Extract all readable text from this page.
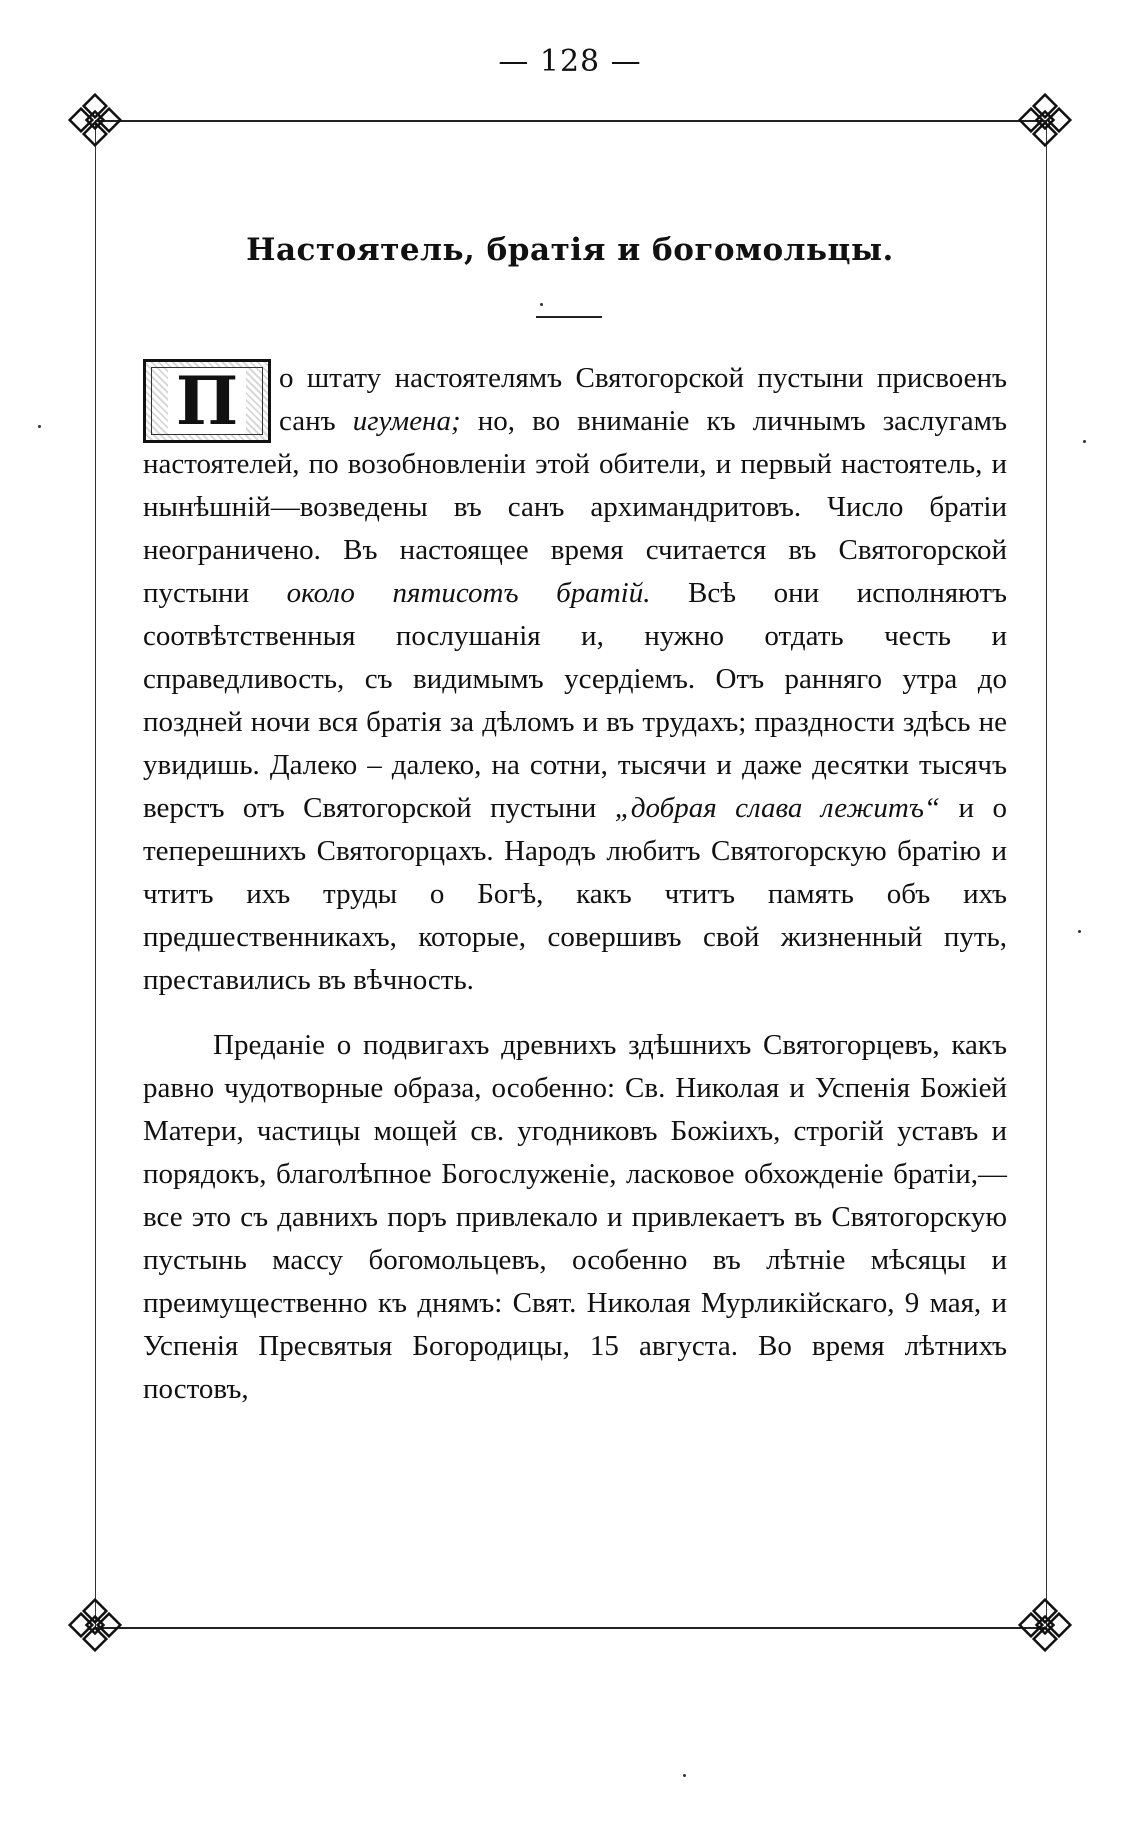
— 128 —
Настоятель, братія и богомольцы.

П о штату настоятелямъ Святогорской пустыни присвоенъ санъ игумена; но, во вниманіе къ личнымъ заслугамъ настоятелей, по возобновленіи этой обители, и первый настоятель, и нынѣшній—возведены въ санъ архимандритовъ. Число братіи неограничено. Въ настоящее время считается въ Святогорской пустыни около пятисотъ братій. Всѣ они исполняютъ соотвѣтственныя послушанія и, нужно отдать честь и справедливость, съ видимымъ усердіемъ. Отъ ранняго утра до поздней ночи вся братія за дѣломъ и въ трудахъ; праздности здѣсь не увидишь. Далеко – далеко, на сотни, тысячи и даже десятки тысячъ верстъ отъ Святогорской пустыни „добрая слава лежитъ“ и о теперешнихъ Святогорцахъ. Народъ любитъ Святогорскую братію и чтитъ ихъ труды о Богѣ, какъ чтитъ память объ ихъ предшественникахъ, которые, совершивъ свой жизненный путь, преставились въ вѣчность.

Преданіе о подвигахъ древнихъ здѣшнихъ Святогорцевъ, какъ равно чудотворные образа, особенно: Св. Николая и Успенія Божіей Матери, частицы мощей св. угодниковъ Божіихъ, строгій уставъ и порядокъ, благолѣпное Богослуженіе, ласковое обхожденіе братіи,—все это съ давнихъ поръ привлекало и привлекаетъ въ Святогорскую пустынь массу богомольцевъ, особенно въ лѣтніе мѣсяцы и преимущественно къ днямъ: Свят. Николая Мурликійскаго, 9 мая, и Успенія Пресвятыя Богородицы, 15 августа. Во время лѣтнихъ постовъ,
